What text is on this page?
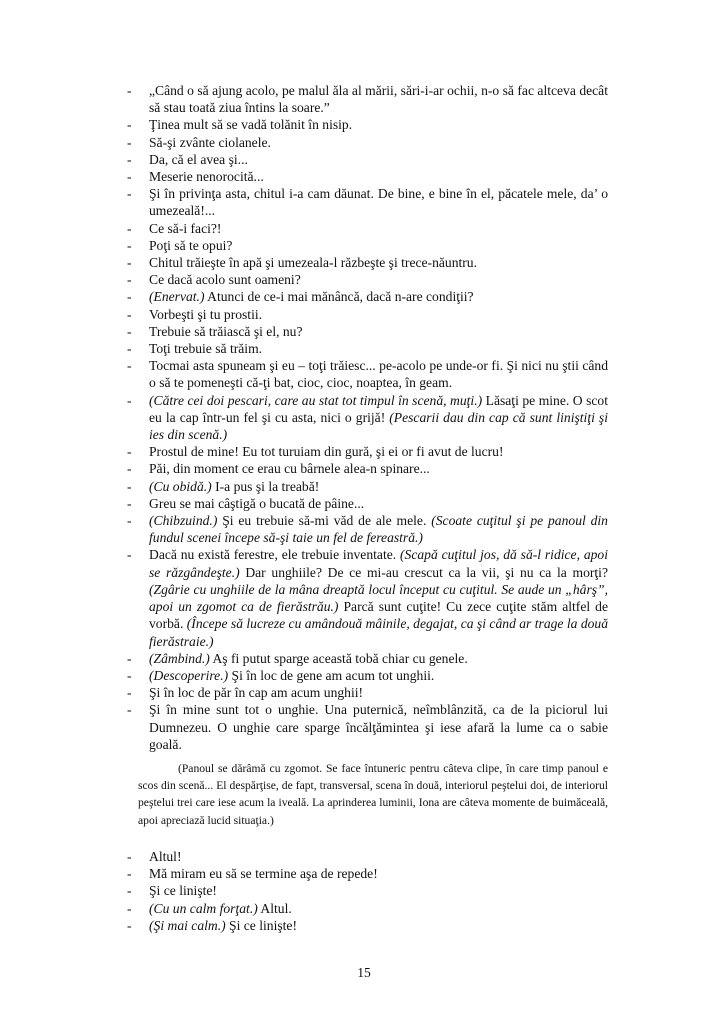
-	„Când o să ajung acolo, pe malul ăla al mării, sări-i-ar ochii, n-o să fac altceva decât să stau toată ziua întins la soare.”
-	Ţinea mult să se vadă tolănit în nisip.
-	Să-şi zvânte ciolanele.
-	Da, că el avea şi...
-	Meserie nenorocită...
-	Şi în privinţa asta, chitul i-a cam dăunat. De bine, e bine în el, păcatele mele, da’ o umezeală!...
-	Ce să-i faci?!
-	Poţi să te opui?
-	Chitul trăieşte în apă şi umezeala-l răzbeşte şi trece-năuntru.
-	Ce dacă acolo sunt oameni?
-	(Enervat.) Atunci de ce-i mai mănâncă, dacă n-are condiţii?
-	Vorbeşti şi tu prostii.
-	Trebuie să trăiască şi el, nu?
-	Toţi trebuie să trăim.
-	Tocmai asta spuneam şi eu – toţi trăiesc... pe-acolo pe unde-or fi. Şi nici nu ştii când o să te pomeneşti că-ţi bat, cioc, cioc, noaptea, în geam.
-	(Către cei doi pescari, care au stat tot timpul în scenă, muţi.) Lăsaţi pe mine. O scot eu la cap într-un fel şi cu asta, nici o grijă! (Pescarii dau din cap că sunt liniştiţi şi ies din scenă.)
-	Prostul de mine! Eu tot turuiam din gură, şi ei or fi avut de lucru!
-	Păi, din moment ce erau cu bârnele alea-n spinare...
-	(Cu obidă.) I-a pus şi la treabă!
-	Greu se mai câştigă o bucată de pâine...
-	(Chibzuind.) Şi eu trebuie să-mi văd de ale mele. (Scoate cuţitul şi pe panoul din fundul scenei începe să-şi taie un fel de fereastră.)
-	Dacă nu există ferestre, ele trebuie inventate. (Scapă cuţitul jos, dă să-l ridice, apoi se răzgândeşte.) Dar unghiile? De ce mi-au crescut ca la vii, şi nu ca la morţi? (Zgârie cu unghiile de la mâna dreaptă locul început cu cuţitul. Se aude un „hârş”, apoi un zgomot ca de fierăstrău.) Parcă sunt cuţite! Cu zece cuţite stăm altfel de vorbă. (Începe să lucreze cu amândouă mâinile, degajat, ca şi când ar trage la două fierăstraie.)
-	(Zâmbind.) Aş fi putut sparge această tobă chiar cu genele.
-	(Descoperire.) Şi în loc de gene am acum tot unghii.
-	Şi în loc de păr în cap am acum unghii!
-	Şi în mine sunt tot o unghie. Una puternică, neîmblânzită, ca de la piciorul lui Dumnezeu. O unghie care sparge încălţămintea şi iese afară la lume ca o sabie goală.

(Panoul se dărâmă cu zgomot. Se face întuneric pentru câteva clipe, în care timp panoul e scos din scenă... El despărţise, de fapt, transversal, scena în două, interiorul peştelui doi, de interiorul peştelui trei care iese acum la iveală. La aprinderea luminii, Iona are câteva momente de buimăceală, apoi apreciază lucid situaţia.)

-	Altul!
-	Mă miram eu să se termine aşa de repede!
-	Şi ce linişte!
-	(Cu un calm forţat.) Altul.
-	(Şi mai calm.) Şi ce linişte!
15
